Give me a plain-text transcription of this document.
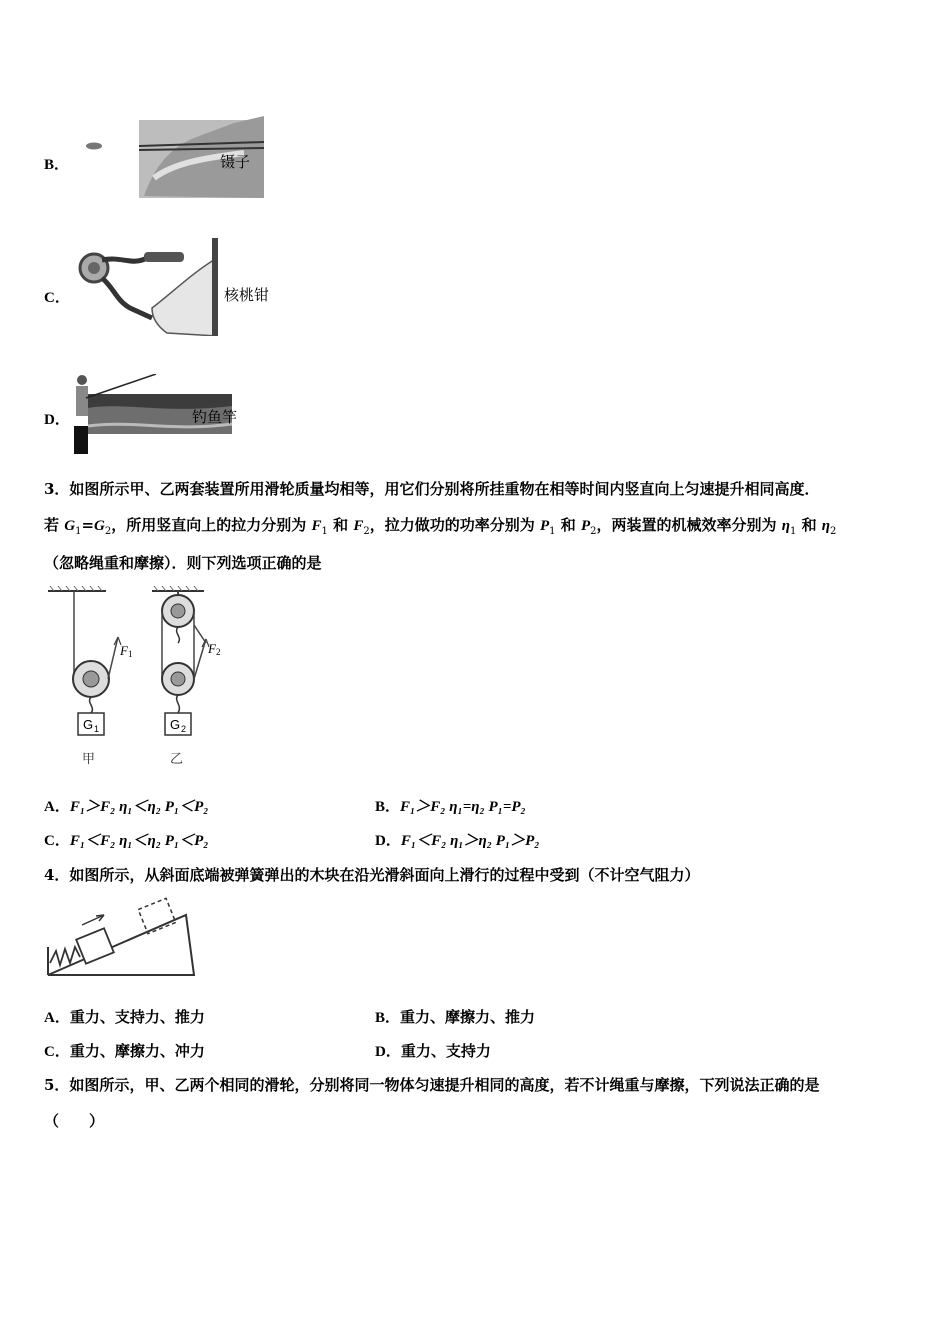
B．	镊子
C．	核桃钳
D．	钓鱼竿
3．如图所示甲、乙两套装置所用滑轮质量均相等，用它们分别将所挂重物在相等时间内竖直向上匀速提升相同高度．
若 $G_1=G_2$，所用竖直向上的拉力分别为 $F_1$ 和 $F_2$，拉力做功的功率分别为 $P_1$ 和 $P_2$，两装置的机械效率分别为 $\eta_1$ 和 $\eta_2$
（忽略绳重和摩擦）．则下列选项正确的是
F 1
G 1
甲
F 2
G 2
乙
A．F₁＞F₂ η₁＜η₂ P₁＜P₂	B．F₁＞F₂ η₁=η₂ P₁=P₂
C．F₁＜F₂ η₁＜η₂ P₁＜P₂	D．F₁＜F₂ η₁＞η₂ P₁＞P₂
4．如图所示，从斜面底端被弹簧弹出的木块在沿光滑斜面向上滑行的过程中受到（不计空气阻力）
A．重力、支持力、推力	B．重力、摩擦力、推力
C．重力、摩擦力、冲力	D．重力、支持力
5．如图所示，甲、乙两个相同的滑轮，分别将同一物体匀速提升相同的高度，若不计绳重与摩擦，下列说法正确的是
（　　）
